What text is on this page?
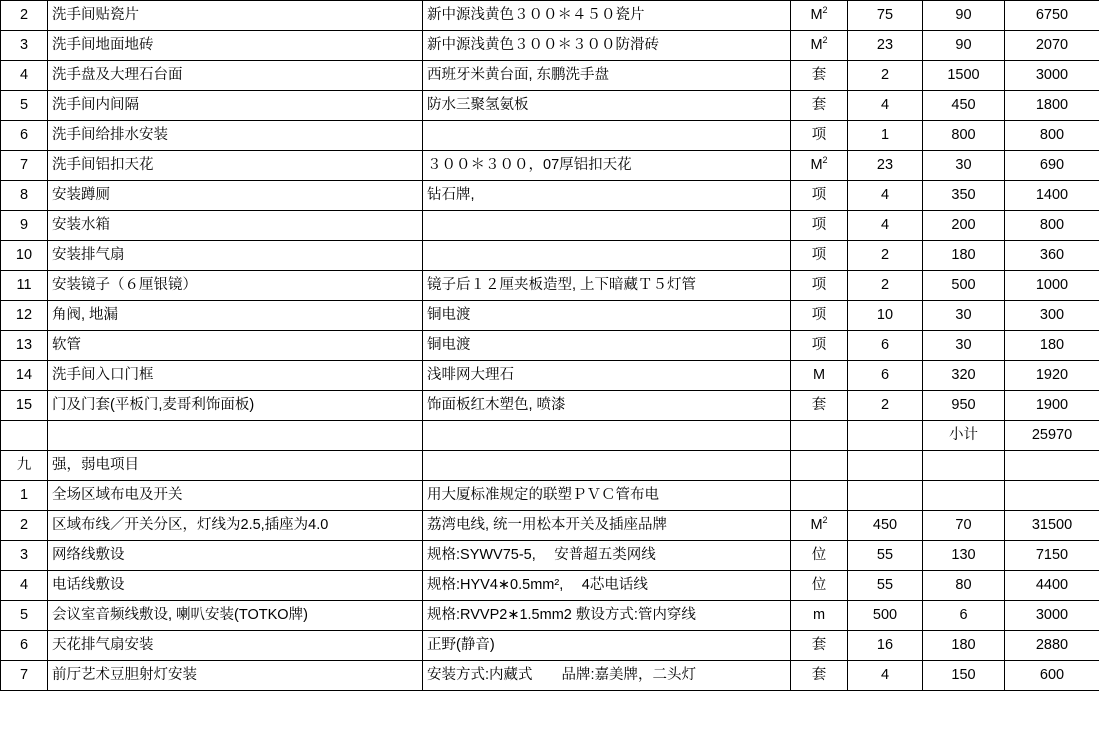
2	洗手间贴瓷片	新中源浅黄色３００＊４５０瓷片	$M^2$	75	90	6750
3	洗手间地面地砖	新中源浅黄色３００＊３００防滑砖	$M^2$	23	90	2070
4	洗手盘及大理石台面	西班牙米黄台面, 东鹏洗手盘	套	2	1500	3000
5	洗手间内间隔	防水三聚氢氨板	套	4	450	1800
6	洗手间给排水安装		项	1	800	800
7	洗手间铝扣天花	３００＊３００，07厚铝扣天花	$M^2$	23	30	690
8	安装蹲厕	钻石牌,	项	4	350	1400
9	安装水箱		项	4	200	800
10	安装排气扇		项	2	180	360
11	安装镜子（６厘银镜）	镜子后１２厘夹板造型, 上下暗藏Ｔ５灯管	项	2	500	1000
12	角阀, 地漏	铜电渡	项	10	30	300
13	软管	铜电渡	项	6	30	180
14	洗手间入口门框	浅啡网大理石	M	6	320	1920
15	门及门套(平板门,麦哥利饰面板)	饰面板红木塑色, 喷漆	套	2	950	1900
					小计	25970
九	强，弱电项目					
1	全场区域布电及开关	用大厦标准规定的联塑ＰＶＣ管布电				
2	区域布线／开关分区，灯线为2.5,插座为4.0	荔湾电线, 统一用松本开关及插座品牌	$M^2$	450	70	31500
3	网络线敷设	规格:SYWV75-5,　 安普超五类网线	位	55	130	7150
4	电话线敷设	规格:HYV4∗0.5mm²,　 4芯电话线	位	55	80	4400
5	会议室音频线敷设, 喇叭安装(TOTKO牌)	规格:RVVP2∗1.5mm2 敷设方式:管内穿线	m	500	6	3000
6	天花排气扇安装	正野(静音)	套	16	180	2880
7	前厅艺术豆胆射灯安装	安装方式:内藏式　　品牌:嘉美牌，二头灯	套	4	150	600
